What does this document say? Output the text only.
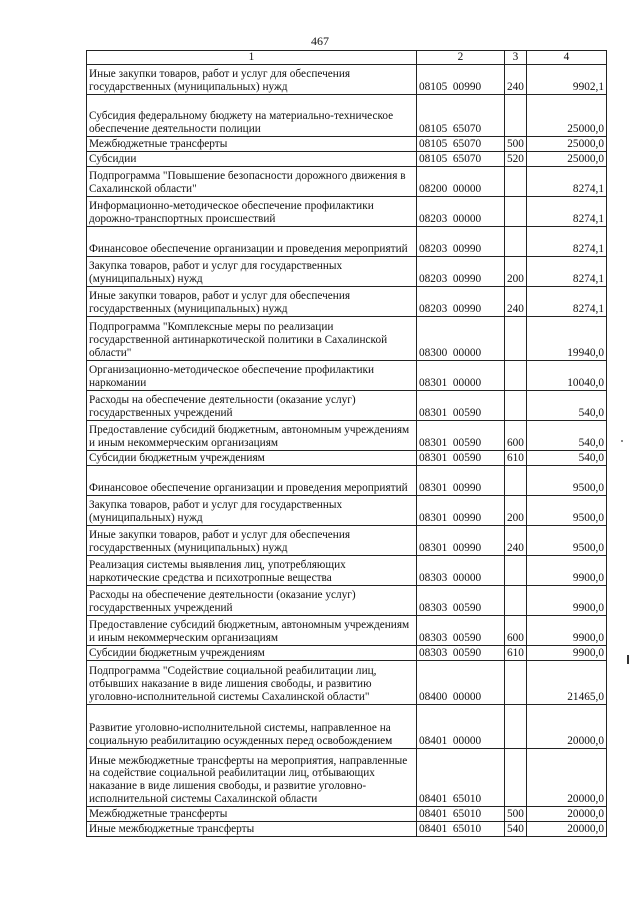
467
1	2	3	4
Иные закупки товаров, работ и услуг для обеспечения государственных (муниципальных) нужд	08105  00990	240	9902,1
Субсидия федеральному бюджету на материально-техническое обеспечение деятельности полиции	08105  65070		25000,0
Межбюджетные трансферты	08105  65070	500	25000,0
Субсидии	08105  65070	520	25000,0
Подпрограмма "Повышение безопасности дорожного движения в Сахалинской области"	08200  00000		8274,1
Информационно-методическое обеспечение профилактики дорожно-транспортных происшествий	08203  00000		8274,1
Финансовое обеспечение организации и проведения мероприятий	08203  00990		8274,1
Закупка товаров, работ и услуг для государственных (муниципальных) нужд	08203  00990	200	8274,1
Иные закупки товаров, работ и услуг для обеспечения государственных (муниципальных) нужд	08203  00990	240	8274,1
Подпрограмма "Комплексные меры по реализации государственной антинаркотической политики в Сахалинской области"	08300  00000		19940,0
Организационно-методическое обеспечение профилактики наркомании	08301  00000		10040,0
Расходы на обеспечение деятельности (оказание услуг) государственных учреждений	08301  00590		540,0
Предоставление субсидий бюджетным, автономным учреждениям и иным некоммерческим организациям	08301  00590	600	540,0
Субсидии бюджетным учреждениям	08301  00590	610	540,0
Финансовое обеспечение организации и проведения мероприятий	08301  00990		9500,0
Закупка товаров, работ и услуг для государственных (муниципальных) нужд	08301  00990	200	9500,0
Иные закупки товаров, работ и услуг для обеспечения государственных (муниципальных) нужд	08301  00990	240	9500,0
Реализация системы выявления лиц, употребляющих наркотические средства и психотропные вещества	08303  00000		9900,0
Расходы на обеспечение деятельности (оказание услуг) государственных учреждений	08303  00590		9900,0
Предоставление субсидий бюджетным, автономным учреждениям и иным некоммерческим организациям	08303  00590	600	9900,0
Субсидии бюджетным учреждениям	08303  00590	610	9900,0
Подпрограмма "Содействие социальной реабилитации лиц, отбывших наказание в виде лишения свободы, и развитию уголовно-исполнительной системы Сахалинской области"	08400  00000		21465,0
Развитие уголовно-исполнительной системы, направленное на социальную реабилитацию осужденных перед освобождением	08401  00000		20000,0
Иные межбюджетные трансферты на мероприятия, направленные на содействие социальной реабилитации лиц, отбывающих наказание в виде лишения свободы, и развитие уголовно-исполнительной системы Сахалинской области	08401  65010		20000,0
Межбюджетные трансферты	08401  65010	500	20000,0
Иные межбюджетные трансферты	08401  65010	540	20000,0
